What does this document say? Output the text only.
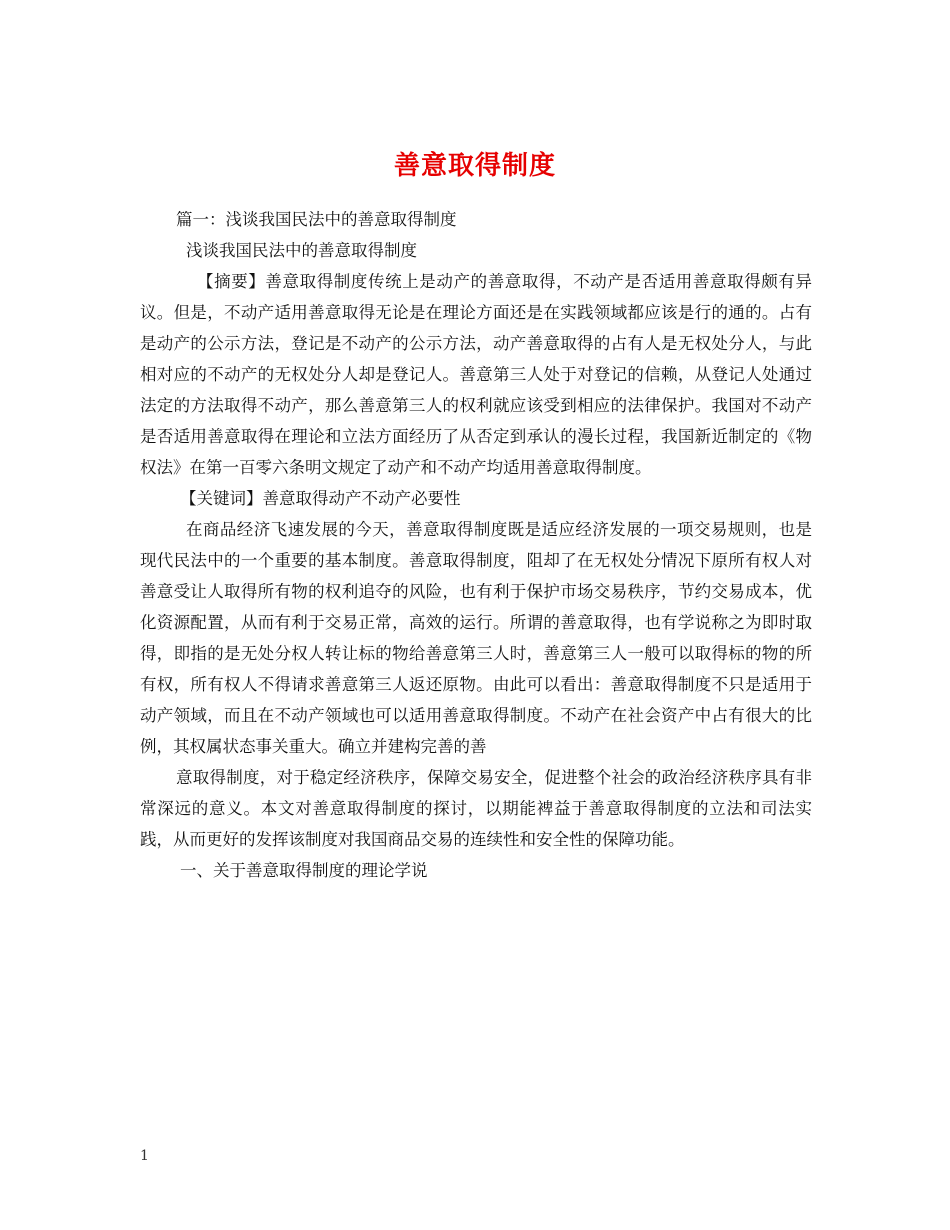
善意取得制度

篇一：浅谈我国民法中的善意取得制度

浅谈我国民法中的善意取得制度

【摘要】善意取得制度传统上是动产的善意取得，不动产是否适用善意取得颇有异议。但是，不动产适用善意取得无论是在理论方面还是在实践领域都应该是行的通的。占有是动产的公示方法，登记是不动产的公示方法，动产善意取得的占有人是无权处分人，与此相对应的不动产的无权处分人却是登记人。善意第三人处于对登记的信赖，从登记人处通过法定的方法取得不动产，那么善意第三人的权利就应该受到相应的法律保护。我国对不动产是否适用善意取得在理论和立法方面经历了从否定到承认的漫长过程，我国新近制定的《物权法》在第一百零六条明文规定了动产和不动产均适用善意取得制度。

【关键词】善意取得动产不动产必要性

在商品经济飞速发展的今天，善意取得制度既是适应经济发展的一项交易规则，也是现代民法中的一个重要的基本制度。善意取得制度，阻却了在无权处分情况下原所有权人对善意受让人取得所有物的权利追夺的风险，也有利于保护市场交易秩序，节约交易成本，优化资源配置，从而有利于交易正常，高效的运行。所谓的善意取得，也有学说称之为即时取得，即指的是无处分权人转让标的物给善意第三人时，善意第三人一般可以取得标的物的所有权，所有权人不得请求善意第三人返还原物。由此可以看出：善意取得制度不只是适用于动产领域，而且在不动产领域也可以适用善意取得制度。不动产在社会资产中占有很大的比例，其权属状态事关重大。确立并建构完善的善

意取得制度，对于稳定经济秩序，保障交易安全，促进整个社会的政治经济秩序具有非常深远的意义。本文对善意取得制度的探讨，以期能裨益于善意取得制度的立法和司法实践，从而更好的发挥该制度对我国商品交易的连续性和安全性的保障功能。

一、关于善意取得制度的理论学说

1
